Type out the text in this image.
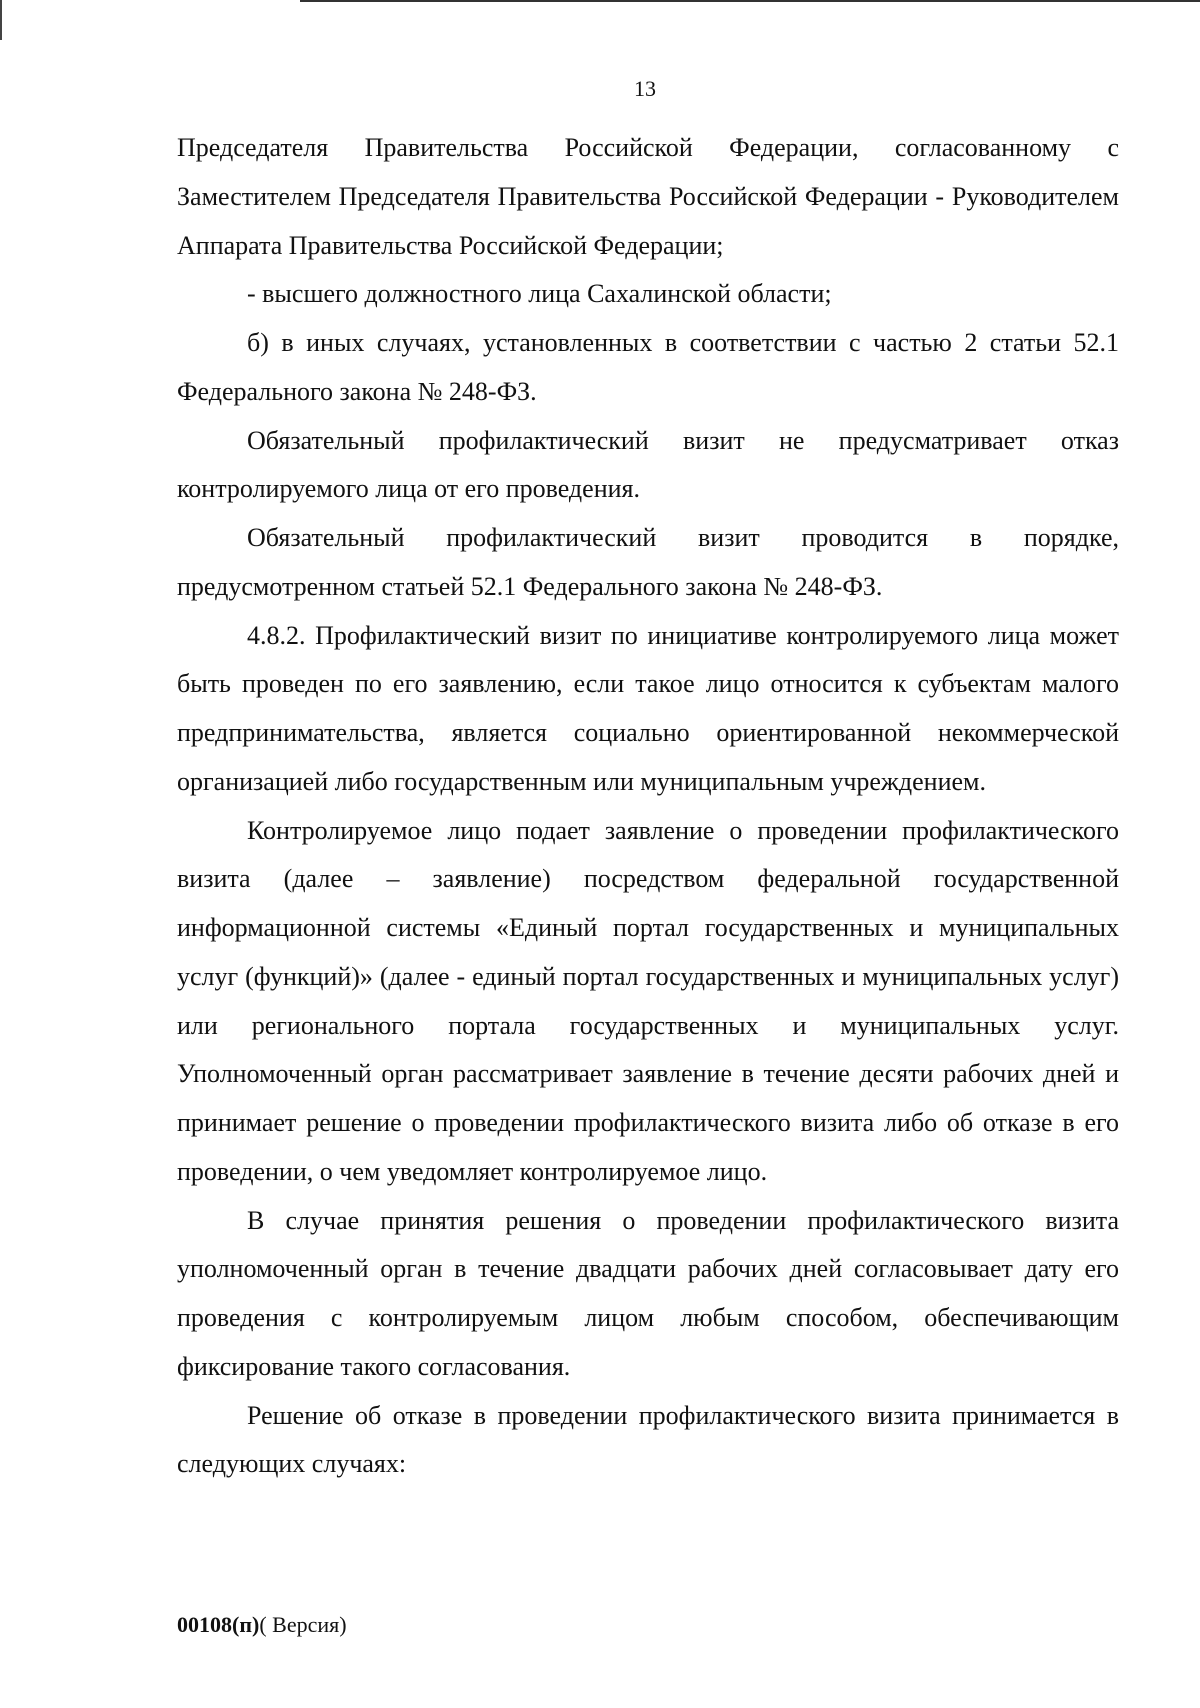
13

Председателя Правительства Российской Федерации, согласованному с Заместителем Председателя Правительства Российской Федерации - Руководителем Аппарата Правительства Российской Федерации;

- высшего должностного лица Сахалинской области;

б) в иных случаях, установленных в соответствии с частью 2 статьи 52.1 Федерального закона № 248-ФЗ.

Обязательный профилактический визит не предусматривает отказ контролируемого лица от его проведения.

Обязательный профилактический визит проводится в порядке, предусмотренном статьей 52.1 Федерального закона № 248-ФЗ.

4.8.2. Профилактический визит по инициативе контролируемого лица может быть проведен по его заявлению, если такое лицо относится к субъектам малого предпринимательства, является социально ориентированной некоммерческой организацией либо государственным или муниципальным учреждением.

Контролируемое лицо подает заявление о проведении профилактического визита (далее – заявление) посредством федеральной государственной информационной системы «Единый портал государственных и муниципальных услуг (функций)» (далее - единый портал государственных и муниципальных услуг) или регионального портала государственных и муниципальных услуг. Уполномоченный орган рассматривает заявление в течение десяти рабочих дней и принимает решение о проведении профилактического визита либо об отказе в его проведении, о чем уведомляет контролируемое лицо.

В случае принятия решения о проведении профилактического визита уполномоченный орган в течение двадцати рабочих дней согласовывает дату его проведения с контролируемым лицом любым способом, обеспечивающим фиксирование такого согласования.

Решение об отказе в проведении профилактического визита принимается в следующих случаях:

00108(п)( Версия)
